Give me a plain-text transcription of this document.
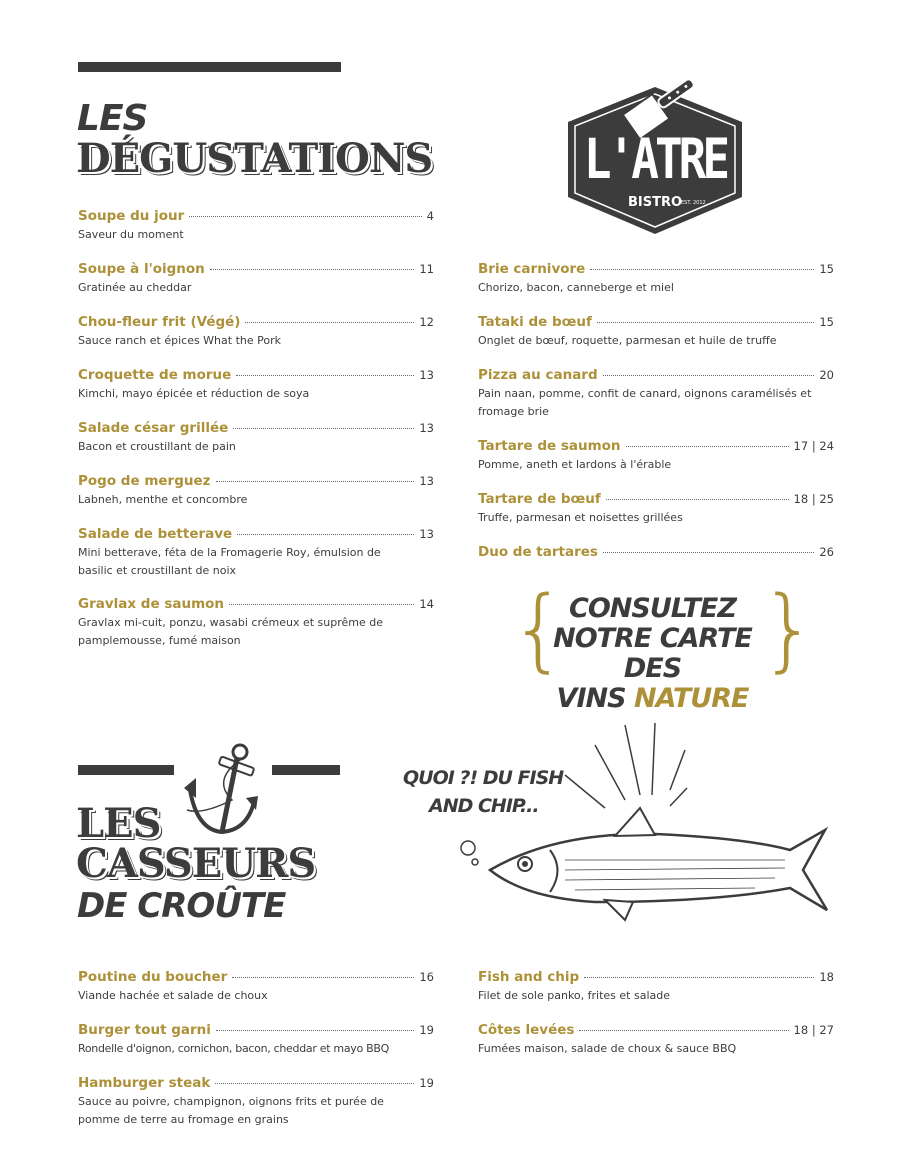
LES
DÉGUSTATIONS	L'ATRE
BISTRO
EST. 2012
Soupe du jour	4
Saveur du moment
Soupe à l'oignon	11
Gratinée au cheddar
Chou-fleur frit (Végé)	12
Sauce ranch et épices What the Pork
Croquette de morue	13
Kimchi, mayo épicée et réduction de soya
Salade césar grillée	13
Bacon et croustillant de pain
Pogo de merguez	13
Labneh, menthe et concombre
Salade de betterave	13
Mini betterave, féta de la Fromagerie Roy, émulsion de basilic et croustillant de noix
Gravlax de saumon	14
Gravlax mi-cuit, ponzu, wasabi crémeux et suprême de pamplemousse, fumé maison
Brie carnivore	15
Chorizo, bacon, canneberge et miel
Tataki de bœuf	15
Onglet de bœuf, roquette, parmesan et huile de truffe
Pizza au canard	20
Pain naan, pomme, confit de canard, oignons caramélisés et fromage brie
Tartare de saumon	17 | 24
Pomme, aneth et lardons à l'érable
Tartare de bœuf	18 | 25
Truffe, parmesan et noisettes grillées
Duo de tartares	26
{ }
CONSULTEZ
NOTRE CARTE DES
VINS NATURE
LES
CASSEURS
DE CROÛTE
QUOI ?! DU FISH
AND CHIP...
Poutine du boucher	16
Viande hachée et salade de choux
Burger tout garni	19
Rondelle d'oignon, cornichon, bacon, cheddar et mayo BBQ
Hamburger steak	19
Sauce au poivre, champignon, oignons frits et purée de pomme de terre au fromage en grains
Fish and chip	18
Filet de sole panko, frites et salade
Côtes levées	18 | 27
Fumées maison, salade de choux & sauce BBQ
